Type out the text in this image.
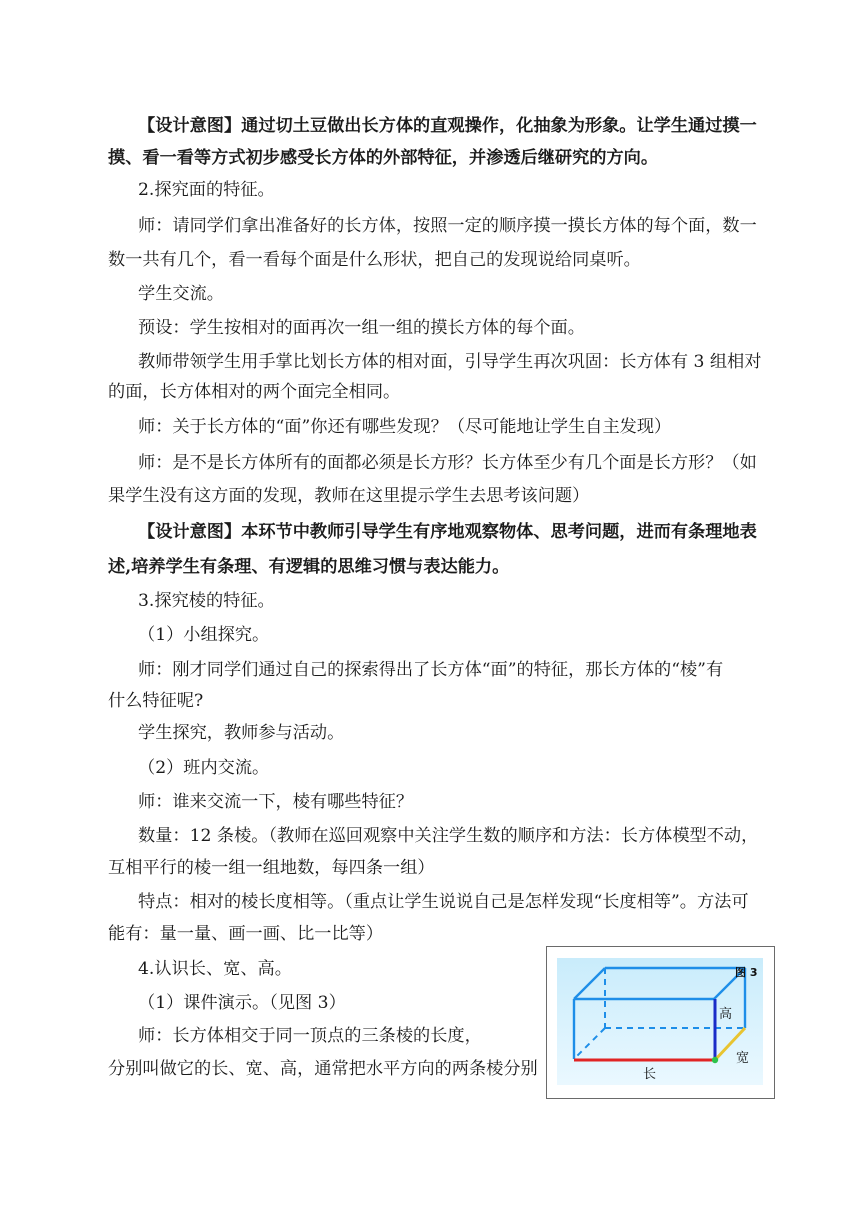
【设计意图】通过切土豆做出长方体的直观操作，化抽象为形象。让学生通过摸一
摸、看一看等方式初步感受长方体的外部特征，并渗透后继研究的方向。
2.探究面的特征。
师：请同学们拿出准备好的长方体，按照一定的顺序摸一摸长方体的每个面，数一
数一共有几个，看一看每个面是什么形状，把自己的发现说给同桌听。
学生交流。
预设：学生按相对的面再次一组一组的摸长方体的每个面。
教师带领学生用手掌比划长方体的相对面，引导学生再次巩固：长方体有 3 组相对
的面，长方体相对的两个面完全相同。
师：关于长方体的“面”你还有哪些发现？（尽可能地让学生自主发现）
师：是不是长方体所有的面都必须是长方形？长方体至少有几个面是长方形？（如
果学生没有这方面的发现，教师在这里提示学生去思考该问题）
【设计意图】本环节中教师引导学生有序地观察物体、思考问题，进而有条理地表
述,培养学生有条理、有逻辑的思维习惯与表达能力。
3.探究棱的特征。
（1）小组探究。
师：刚才同学们通过自己的探索得出了长方体“面”的特征，那长方体的“棱”有
什么特征呢?
学生探究，教师参与活动。
（2）班内交流。
师：谁来交流一下，棱有哪些特征？
数量：12 条棱。（教师在巡回观察中关注学生数的顺序和方法：长方体模型不动，
互相平行的棱一组一组地数，每四条一组）
特点：相对的棱长度相等。（重点让学生说说自己是怎样发现“长度相等”。方法可
能有：量一量、画一画、比一比等）
4.认识长、宽、高。
（1）课件演示。（见图 3）
师：长方体相交于同一顶点的三条棱的长度，
分别叫做它的长、宽、高，通常把水平方向的两条棱分别
图 3
高
宽
长
